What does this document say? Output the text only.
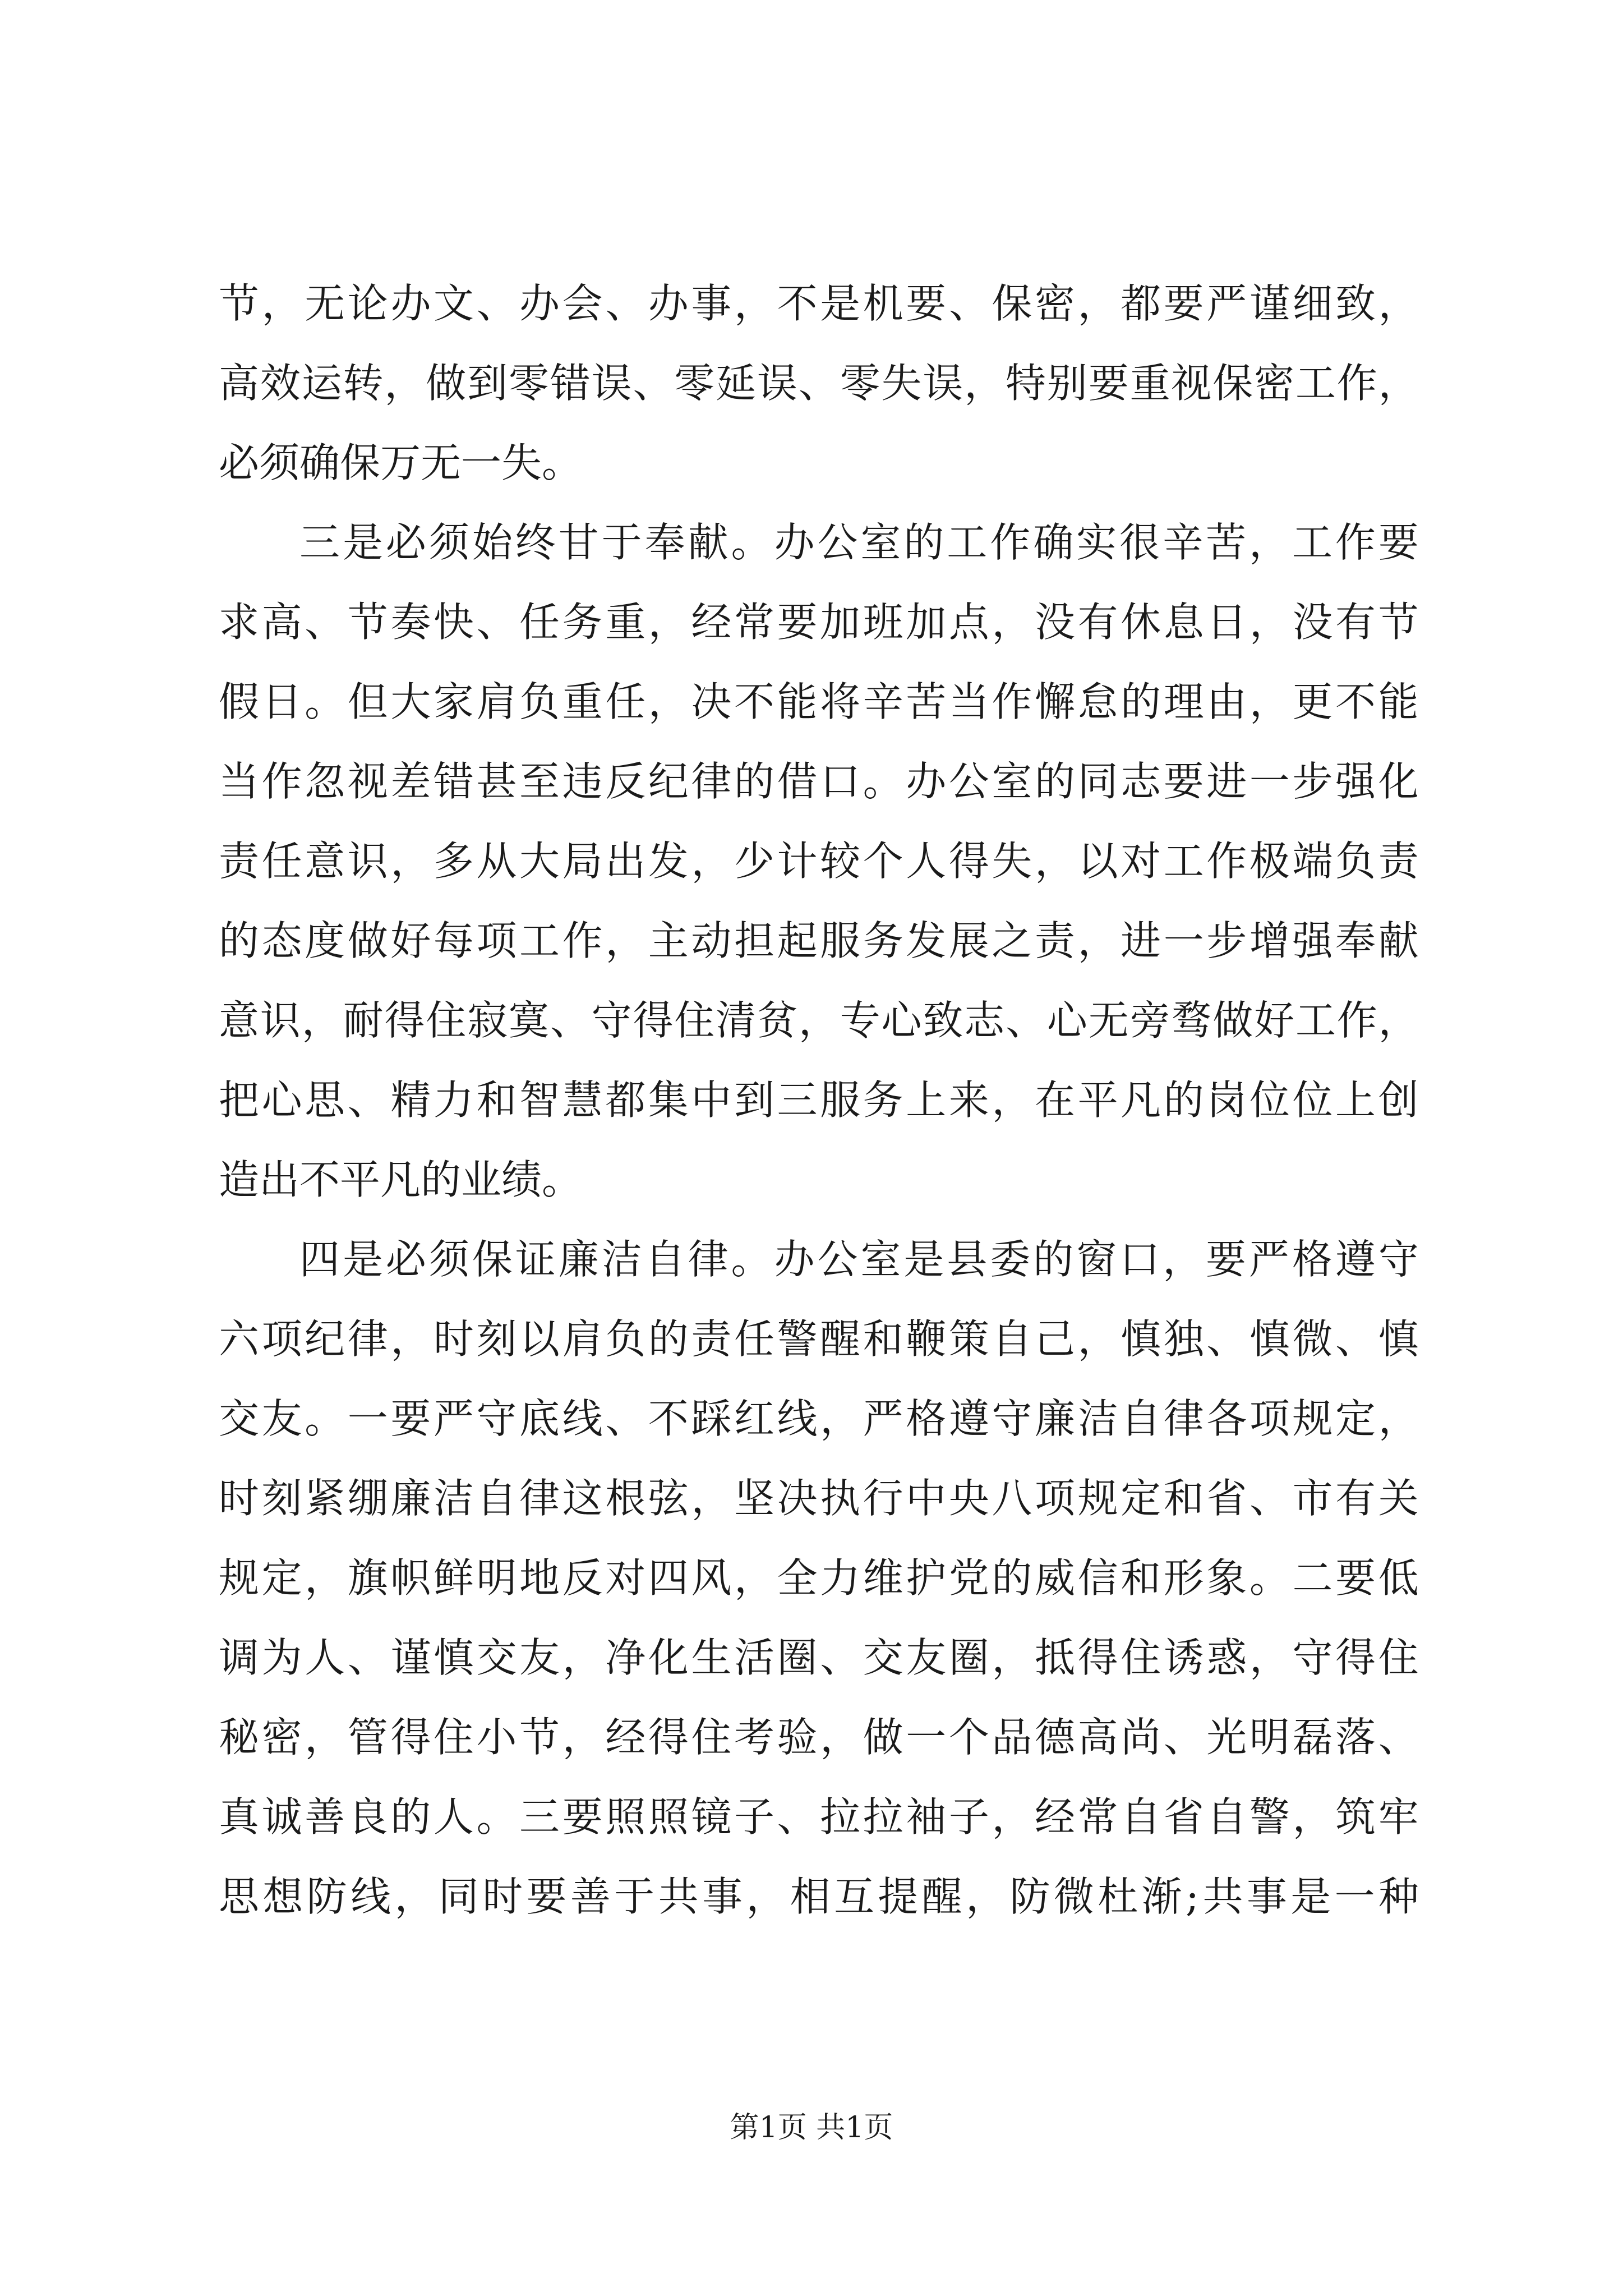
节 ， 无 论 办 文 、 办 会 、 办 事 ， 不 是 机 要 、 保 密 ， 都 要 严 谨 细 致 ，
高 效 运 转 ， 做 到 零 错 误 、 零 延 误 、 零 失 误 ， 特 别 要 重 视 保 密 工 作 ，
必须确保万无一失。
三 是 必 须 始 终 甘 于 奉 献 。 办 公 室 的 工 作 确 实 很 辛 苦 ， 工 作 要
求 高 、 节 奏 快 、 任 务 重 ， 经 常 要 加 班 加 点 ， 没 有 休 息 日 ， 没 有 节
假 日 。 但 大 家 肩 负 重 任 ， 决 不 能 将 辛 苦 当 作 懈 怠 的 理 由 ， 更 不 能
当 作 忽 视 差 错 甚 至 违 反 纪 律 的 借 口 。 办 公 室 的 同 志 要 进 一 步 强 化
责 任 意 识 ， 多 从 大 局 出 发 ， 少 计 较 个 人 得 失 ， 以 对 工 作 极 端 负 责
的 态 度 做 好 每 项 工 作 ， 主 动 担 起 服 务 发 展 之 责 ， 进 一 步 增 强 奉 献
意 识 ， 耐 得 住 寂 寞 、 守 得 住 清 贫 ， 专 心 致 志 、 心 无 旁 骛 做 好 工 作 ，
把 心 思 、 精 力 和 智 慧 都 集 中 到 三 服 务 上 来 ， 在 平 凡 的 岗 位 位 上 创
造出不平凡的业绩。
四 是 必 须 保 证 廉 洁 自 律 。 办 公 室 是 县 委 的 窗 口 ， 要 严 格 遵 守
六 项 纪 律 ， 时 刻 以 肩 负 的 责 任 警 醒 和 鞭 策 自 己 ， 慎 独 、 慎 微 、 慎
交 友 。 一 要 严 守 底 线 、 不 踩 红 线 ， 严 格 遵 守 廉 洁 自 律 各 项 规 定 ，
时 刻 紧 绷 廉 洁 自 律 这 根 弦 ， 坚 决 执 行 中 央 八 项 规 定 和 省 、 市 有 关
规 定 ， 旗 帜 鲜 明 地 反 对 四 风 ， 全 力 维 护 党 的 威 信 和 形 象 。 二 要 低
调 为 人 、 谨 慎 交 友 ， 净 化 生 活 圈 、 交 友 圈 ， 抵 得 住 诱 惑 ， 守 得 住
秘 密 ， 管 得 住 小 节 ， 经 得 住 考 验 ， 做 一 个 品 德 高 尚 、 光 明 磊 落 、
真 诚 善 良 的 人 。 三 要 照 照 镜 子 、 拉 拉 袖 子 ， 经 常 自 省 自 警 ， 筑 牢
思 想 防 线 ， 同 时 要 善 于 共 事 ， 相 互 提 醒 ， 防 微 杜 渐 ; 共 事 是 一 种
第1页 共1页
